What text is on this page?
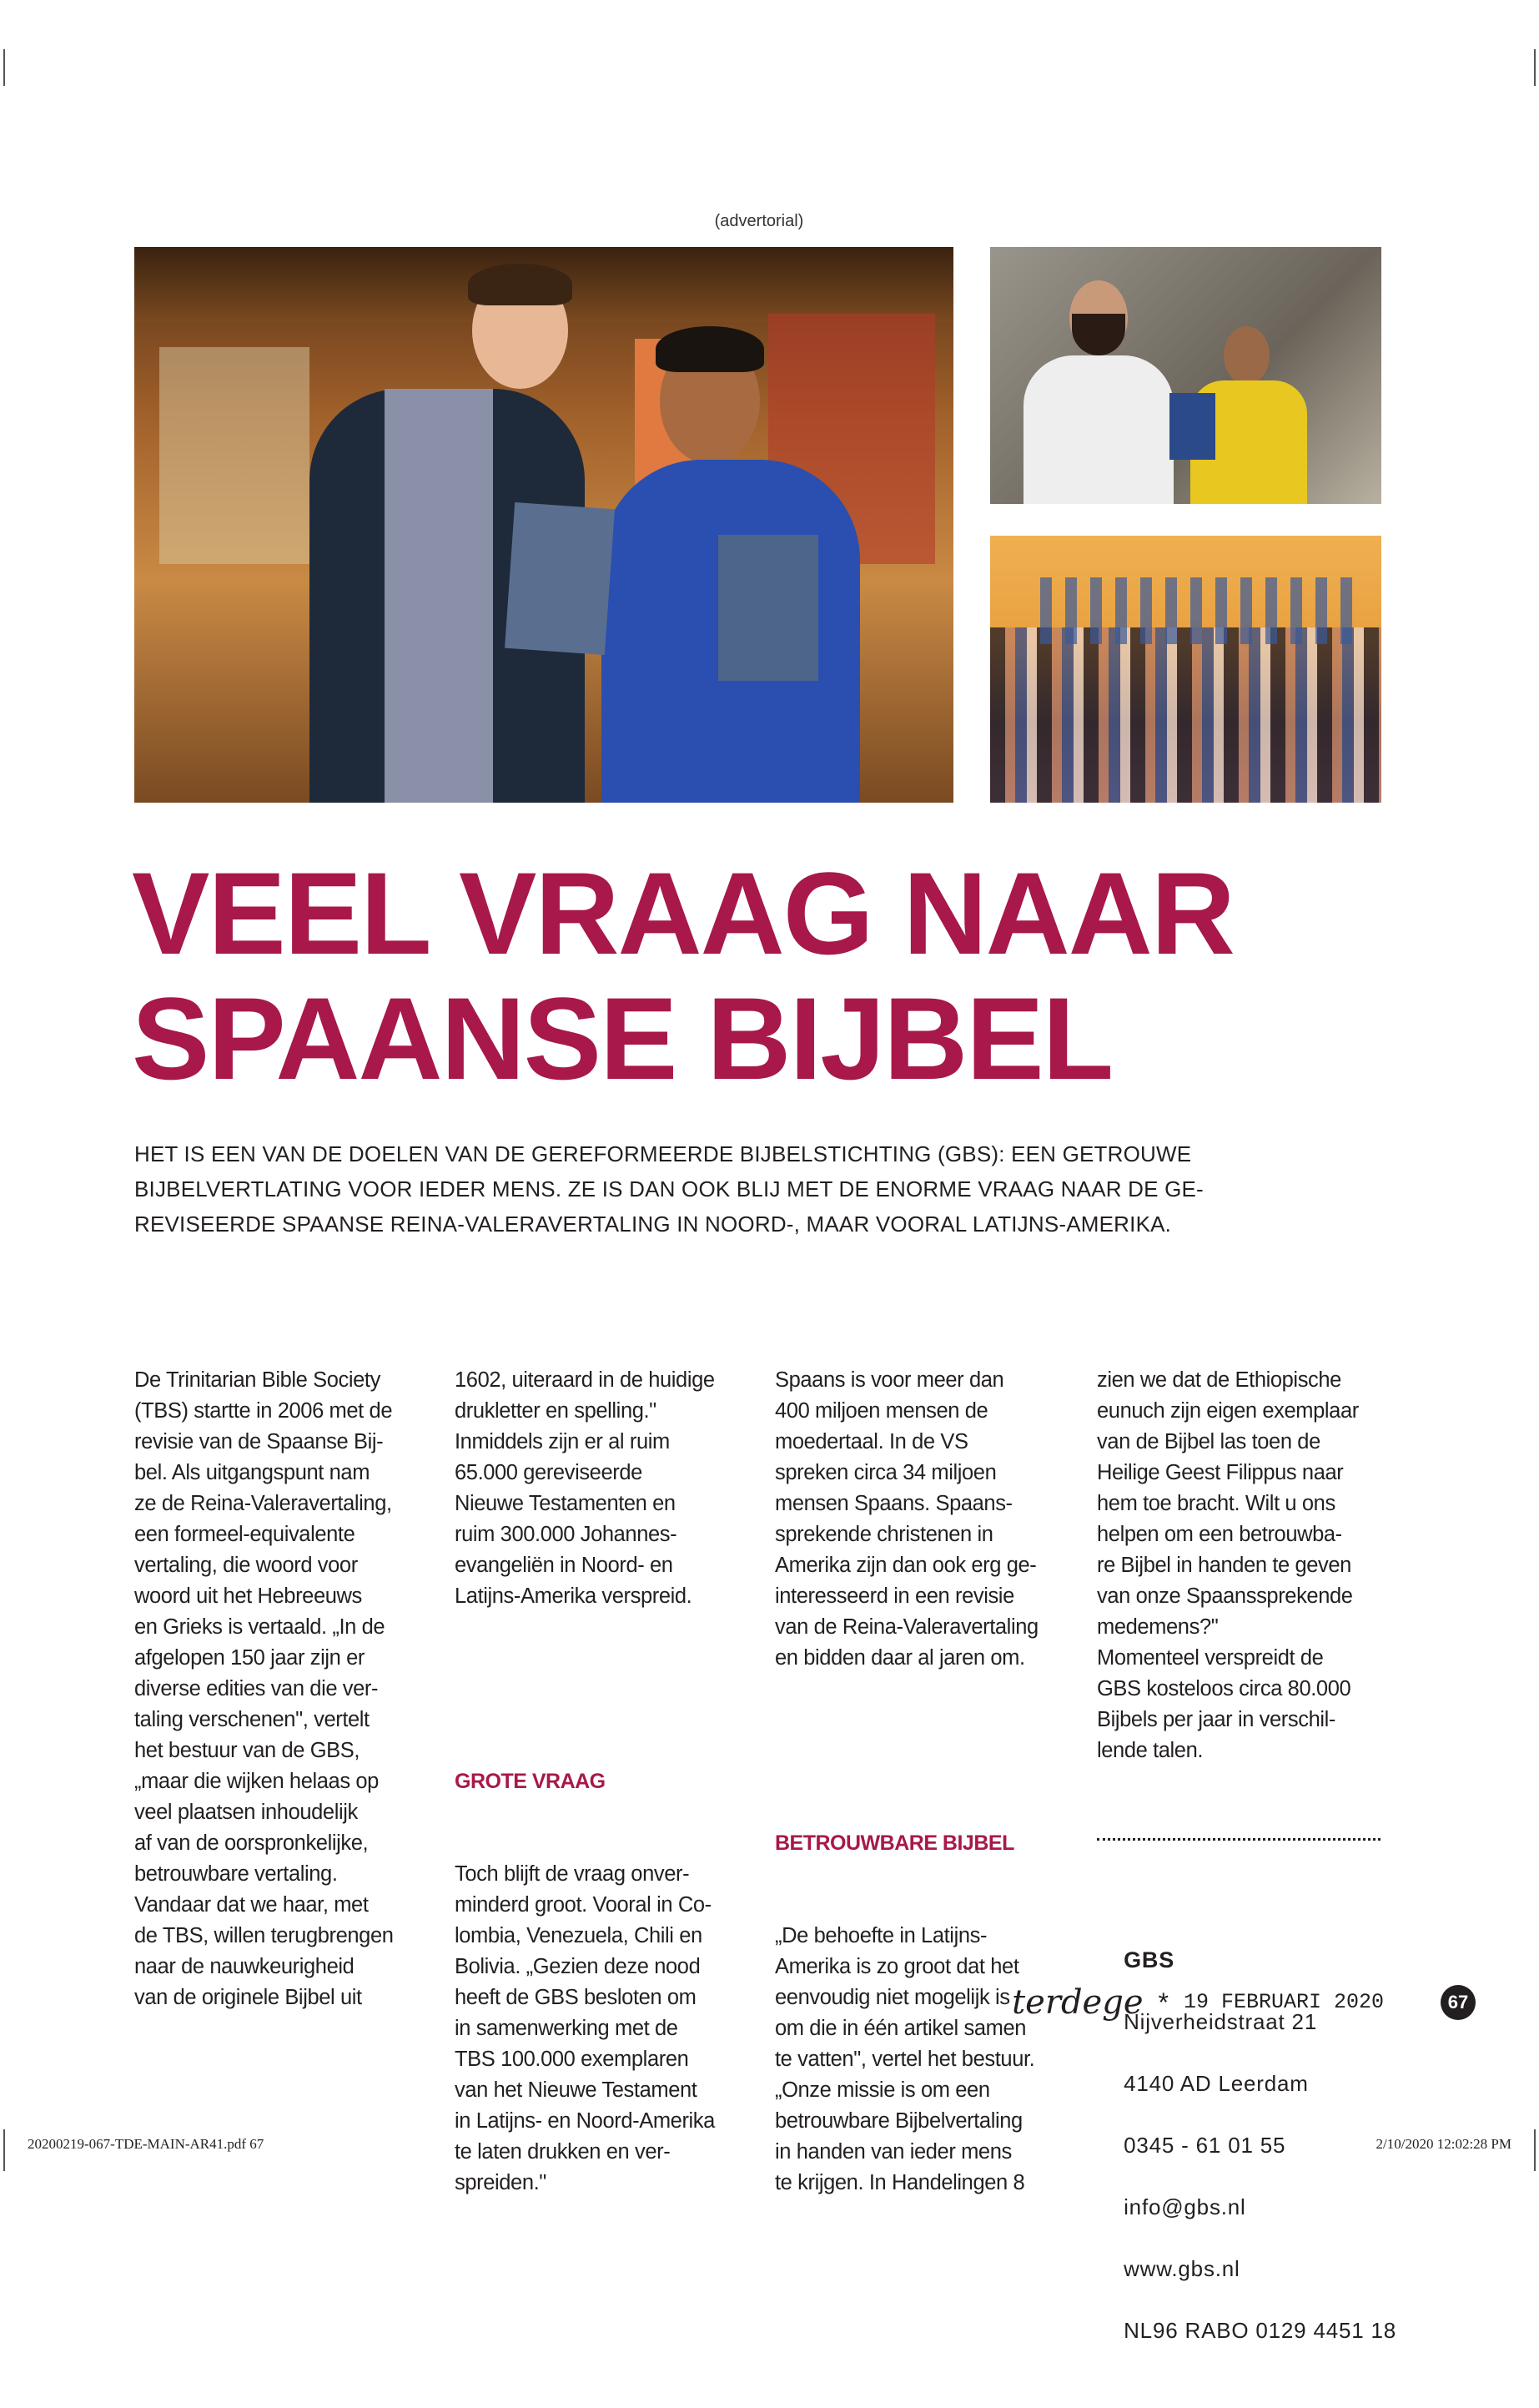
(advertorial)
VEEL VRAAG NAAR
SPAANSE BIJBEL
HET IS EEN VAN DE DOELEN VAN DE GEREFORMEERDE BIJBELSTICHTING (GBS): EEN GETROUWE
BIJBELVERTLATING VOOR IEDER MENS. ZE IS DAN OOK BLIJ MET DE ENORME VRAAG NAAR DE GE-
REVISEERDE SPAANSE REINA-VALERAVERTALING IN NOORD-, MAAR VOORAL LATIJNS-AMERIKA.

De Trinitarian Bible Society
(TBS) startte in 2006 met de
revisie van de Spaanse Bij-
bel. Als uitgangspunt nam
ze de Reina-Valeravertaling,
een formeel-equivalente
vertaling, die woord voor
woord uit het Hebreeuws
en Grieks is vertaald. „In de
afgelopen 150 jaar zijn er
diverse edities van die ver-
taling verschenen", vertelt
het bestuur van de GBS,
„maar die wijken helaas op
veel plaatsen inhoudelijk
af van de oorspronkelijke,
betrouwbare vertaling.
Vandaar dat we haar, met
de TBS, willen terugbrengen
naar de nauwkeurigheid
van de originele Bijbel uit

1602, uiteraard in de huidige
drukletter en spelling."
Inmiddels zijn er al ruim
65.000 gereviseerde
Nieuwe Testamenten en
ruim 300.000 Johannes-
evangeliën in Noord- en
Latijns-Amerika verspreid.

GROTE VRAAG

Toch blijft de vraag onver-
minderd groot. Vooral in Co-
lombia, Venezuela, Chili en
Bolivia. „Gezien deze nood
heeft de GBS besloten om
in samenwerking met de
TBS 100.000 exemplaren
van het Nieuwe Testament
in Latijns- en Noord-Amerika
te laten drukken en ver-
spreiden."

Spaans is voor meer dan
400 miljoen mensen de
moedertaal. In de VS
spreken circa 34 miljoen
mensen Spaans. Spaans-
sprekende christenen in
Amerika zijn dan ook erg ge-
interesseerd in een revisie
van de Reina-Valeravertaling
en bidden daar al jaren om.

BETROUWBARE BIJBEL

„De behoefte in Latijns-
Amerika is zo groot dat het
eenvoudig niet mogelijk is
om die in één artikel samen
te vatten", vertel het bestuur.
„Onze missie is om een
betrouwbare Bijbelvertaling
in handen van ieder mens
te krijgen. In Handelingen 8

zien we dat de Ethiopische
eunuch zijn eigen exemplaar
van de Bijbel las toen de
Heilige Geest Filippus naar
hem toe bracht. Wilt u ons
helpen om een betrouwba-
re Bijbel in handen te geven
van onze Spaanssprekende
medemens?"
Momenteel verspreidt de
GBS kosteloos circa 80.000
Bijbels per jaar in verschil-
lende talen.

GBS

Nijverheidstraat 21

4140 AD Leerdam

0345 - 61 01 55

info@gbs.nl

www.gbs.nl

NL96 RABO 0129 4451 18

terdege * 19 FEBRUARI 2020	67
20200219-067-TDE-MAIN-AR41.pdf 67	2/10/2020 12:02:28 PM
